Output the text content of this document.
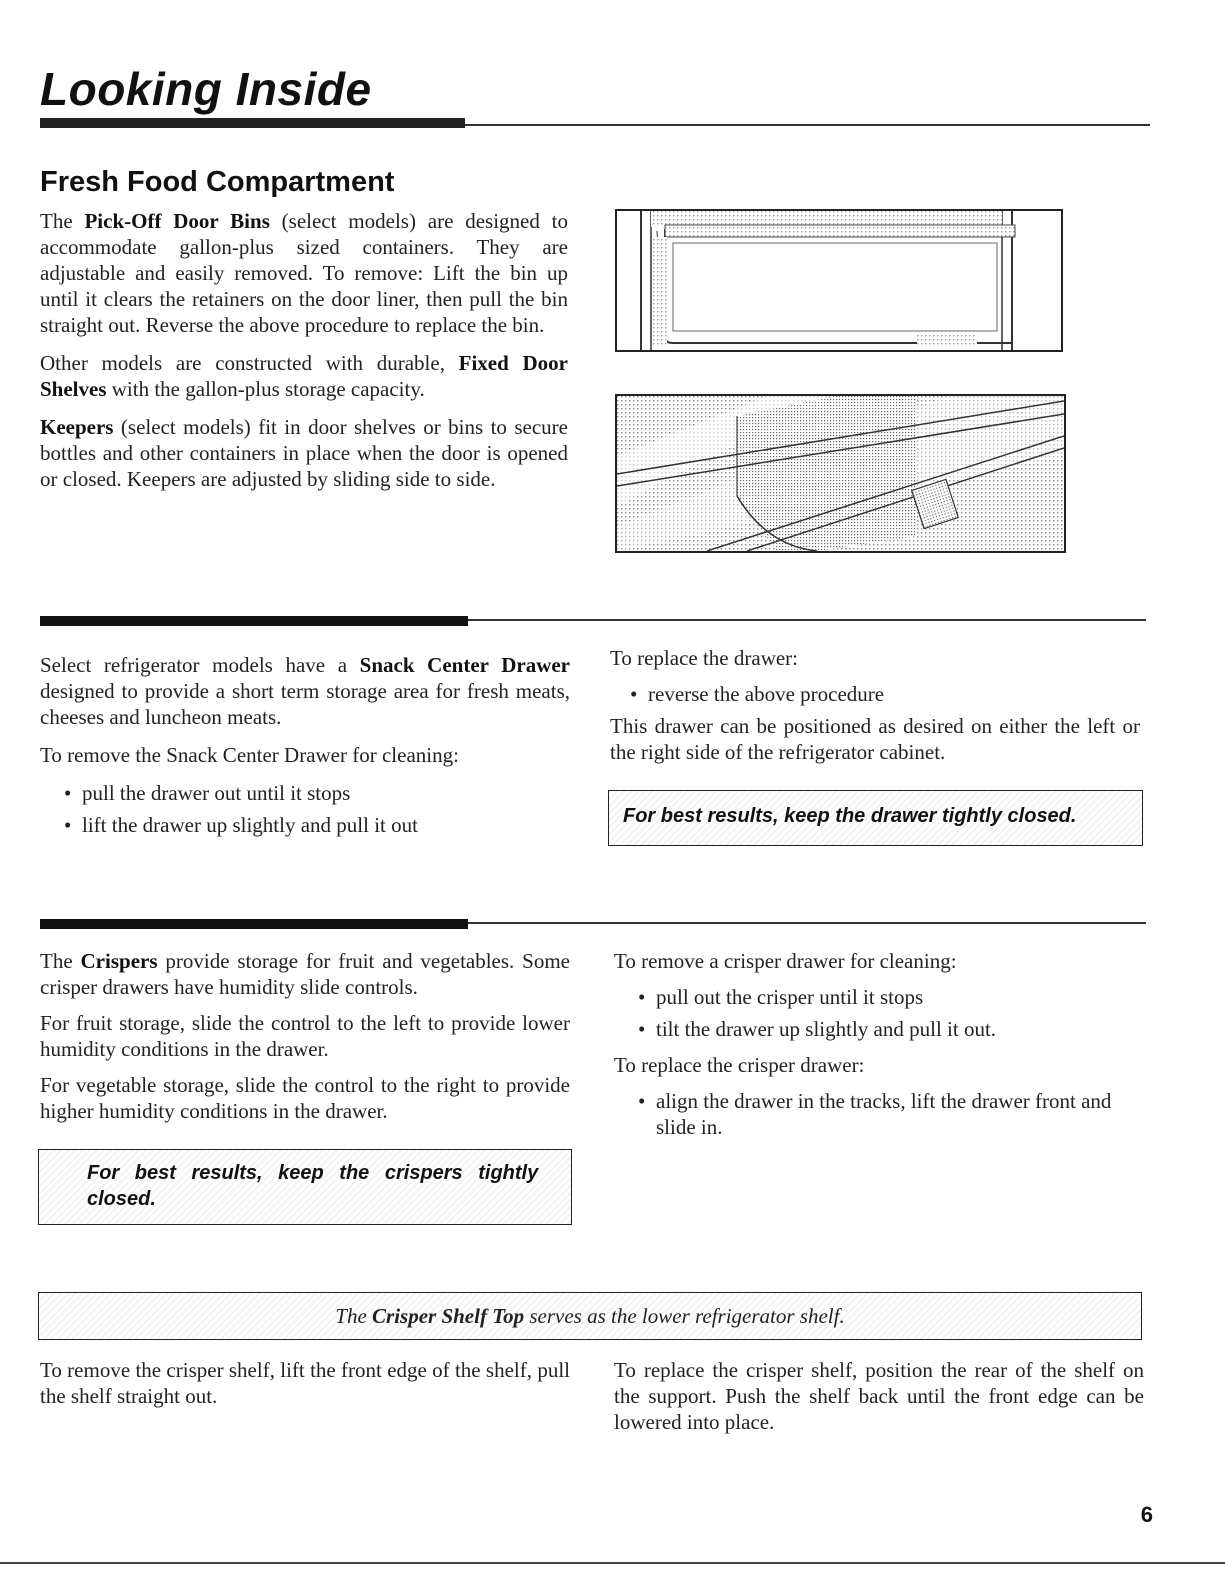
Looking Inside
Fresh Food Compartment

The Pick-Off Door Bins (select models) are designed to accommodate gallon-plus sized containers. They are adjustable and easily removed. To remove: Lift the bin up until it clears the retainers on the door liner, then pull the bin straight out. Reverse the above procedure to replace the bin.

Other models are constructed with durable, Fixed Door Shelves with the gallon-plus storage capacity.

Keepers (select models) fit in door shelves or bins to secure bottles and other containers in place when the door is opened or closed. Keepers are adjusted by sliding side to side.

Select refrigerator models have a Snack Center Drawer designed to provide a short term storage area for fresh meats, cheeses and luncheon meats.

To remove the Snack Center Drawer for cleaning:

• pull the drawer out until it stops
• lift the drawer up slightly and pull it out

To replace the drawer:

• reverse the above procedure

This drawer can be positioned as desired on either the left or the right side of the refrigerator cabinet.

For best results, keep the drawer tightly closed.

The Crispers provide storage for fruit and vegetables. Some crisper drawers have humidity slide controls.

For fruit storage, slide the control to the left to provide lower humidity conditions in the drawer.

For vegetable storage, slide the control to the right to provide higher humidity conditions in the drawer.

For best results, keep the crispers tightly closed.

To remove a crisper drawer for cleaning:

• pull out the crisper until it stops
• tilt the drawer up slightly and pull it out.

To replace the crisper drawer:

• align the drawer in the tracks, lift the drawer front and slide in.
The Crisper Shelf Top serves as the lower refrigerator shelf.

To remove the crisper shelf, lift the front edge of the shelf, pull the shelf straight out.

To replace the crisper shelf, position the rear of the shelf on the support. Push the shelf back until the front edge can be lowered into place.

6
